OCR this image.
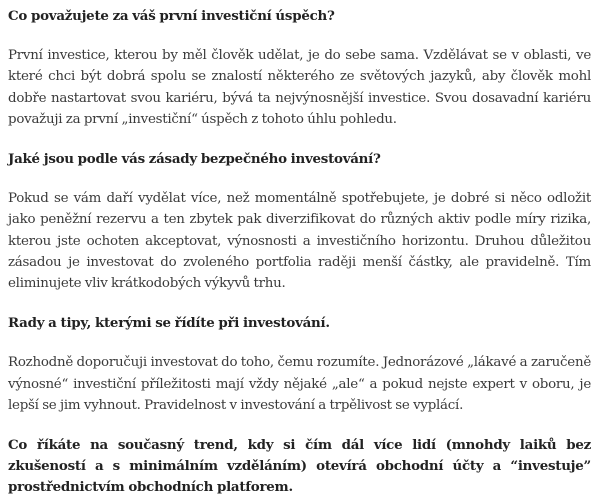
Co považujete za váš první investiční úspěch?

První investice, kterou by měl člověk udělat, je do sebe sama. Vzdělávat se v oblasti, ve které chci být dobrá spolu se znalostí některého ze světových jazyků, aby člověk mohl dobře nastartovat svou kariéru, bývá ta nejvýnosnější investice. Svou dosavadní kariéru považuji za první „investiční“ úspěch z tohoto úhlu pohledu.

Jaké jsou podle vás zásady bezpečného investování?

Pokud se vám daří vydělat více, než momentálně spotřebujete, je dobré si něco odložit jako peněžní rezervu a ten zbytek pak diverzifikovat do různých aktiv podle míry rizika, kterou jste ochoten akceptovat, výnosnosti a investičního horizontu. Druhou důležitou zásadou je investovat do zvoleného portfolia raději menší částky, ale pravidelně. Tím eliminujete vliv krátkodobých výkyvů trhu.

Rady a tipy, kterými se řídíte při investování.

Rozhodně doporučuji investovat do toho, čemu rozumíte. Jednorázové „lákavé a zaručeně výnosné“ investiční příležitosti mají vždy nějaké „ale“ a pokud nejste expert v oboru, je lepší se jim vyhnout. Pravidelnost v investování a trpělivost se vyplácí.

Co říkáte na současný trend, kdy si čím dál více lidí (mnohdy laiků bez zkušeností a s minimálním vzděláním) otevírá obchodní účty a “investuje” prostřednictvím obchodních platforem.
